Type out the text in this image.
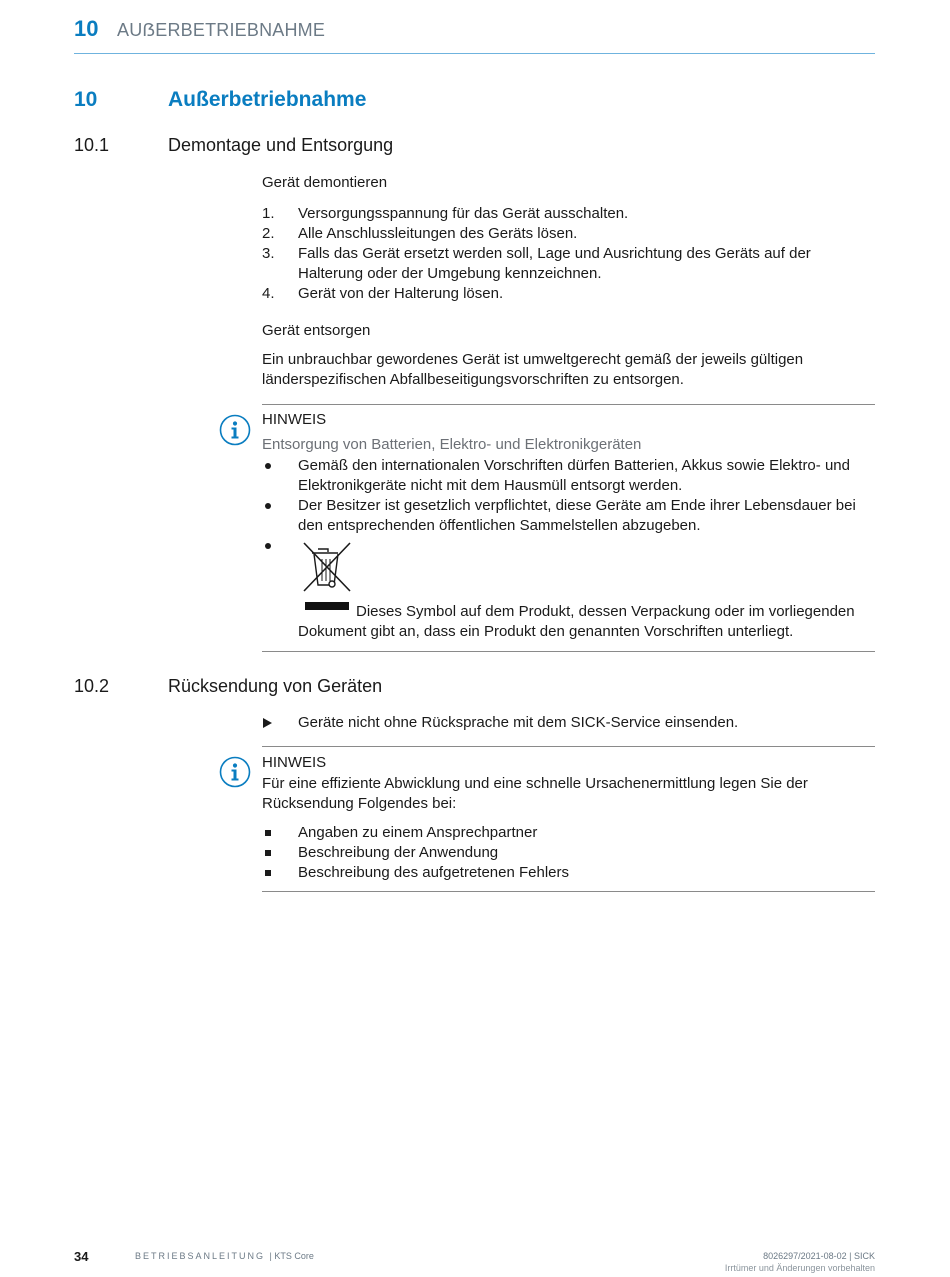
10 AUẞERBETRIEBNAHME
10	Außerbetriebnahme
10.1	Demontage und Entsorgung
Gerät demontieren
1.	Versorgungsspannung für das Gerät ausschalten.
2.	Alle Anschlussleitungen des Geräts lösen.
3.	Falls das Gerät ersetzt werden soll, Lage und Ausrichtung des Geräts auf der Halterung oder der Umgebung kennzeichnen.
4.	Gerät von der Halterung lösen.
Gerät entsorgen
Ein unbrauchbar gewordenes Gerät ist umweltgerecht gemäß der jeweils gültigen länderspezifischen Abfallbeseitigungsvorschriften zu entsorgen.
HINWEIS
Entsorgung von Batterien, Elektro- und Elektronikgeräten
Gemäß den internationalen Vorschriften dürfen Batterien, Akkus sowie Elektro- und Elektronikgeräte nicht mit dem Hausmüll entsorgt werden.
Der Besitzer ist gesetzlich verpflichtet, diese Geräte am Ende ihrer Lebensdauer bei den entsprechenden öffentlichen Sammelstellen abzugeben.
Dieses Symbol auf dem Produkt, dessen Verpackung oder im vorliegenden Dokument gibt an, dass ein Produkt den genannten Vorschriften unterliegt.
10.2	Rücksendung von Geräten
Geräte nicht ohne Rücksprache mit dem SICK-Service einsenden.
HINWEIS
Für eine effiziente Abwicklung und eine schnelle Ursachenermittlung legen Sie der Rücksendung Folgendes bei:
Angaben zu einem Ansprechpartner
Beschreibung der Anwendung
Beschreibung des aufgetretenen Fehlers
34	BETRIEBSANLEITUNG | KTS Core	8026297/2021-08-02 | SICK
Irrtümer und Änderungen vorbehalten
